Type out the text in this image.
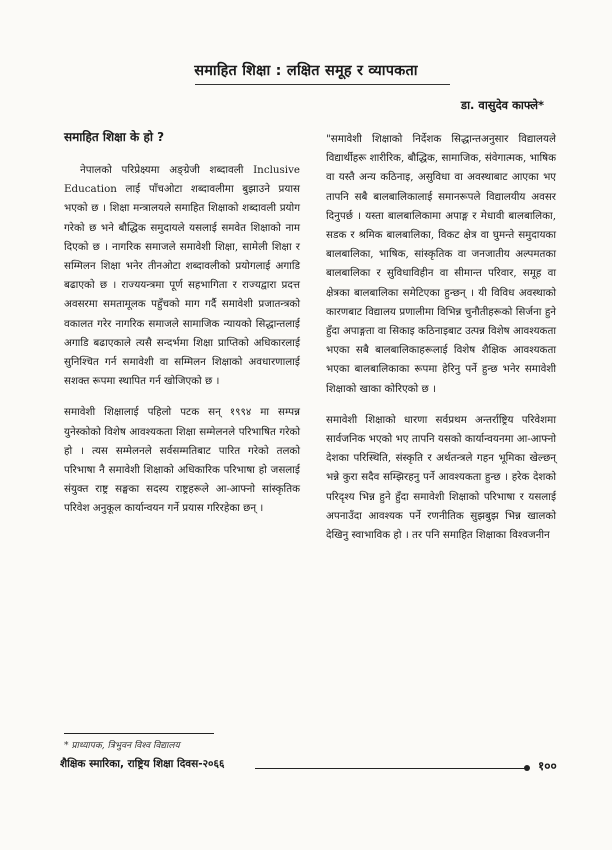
समाहित शिक्षा : लक्षित समूह र व्यापकता
डा. वासुदेव काफ्ले*
समाहित शिक्षा के हो ?

नेपालको परिप्रेक्ष्यमा अङ्ग्रेजी शब्दावली Inclusive Education लाई पाँचओटा शब्दावलीमा बुझाउने प्रयास भएको छ । शिक्षा मन्त्रालयले समाहित शिक्षाको शब्दावली प्रयोग गरेको छ भने बौद्धिक समुदायले यसलाई समवेत शिक्षाको नाम दिएको छ । नागरिक समाजले समावेशी शिक्षा, सामेली शिक्षा र सम्मिलन शिक्षा भनेर तीनओटा शब्दावलीको प्रयोगलाई अगाडि बढाएको छ । राज्ययन्त्रमा पूर्ण सहभागिता र राज्यद्वारा प्रदत्त अवसरमा समतामूलक पहुँचको माग गर्दै समावेशी प्रजातन्त्रको वकालत गरेर नागरिक समाजले सामाजिक न्यायको सिद्धान्तलाई अगाडि बढाएकाले त्यसै सन्दर्भमा शिक्षा प्राप्तिको अधिकारलाई सुनिश्चित गर्न समावेशी वा सम्मिलन शिक्षाको अवधारणालाई सशक्त रूपमा स्थापित गर्न खोजिएको छ ।

समावेशी शिक्षालाई पहिलो पटक सन् १९९४ मा सम्पन्न युनेस्कोको विशेष आवश्यकता शिक्षा सम्मेलनले परिभाषित गरेको हो । त्यस सम्मेलनले सर्वसम्मतिबाट पारित गरेको तलको परिभाषा नै समावेशी शिक्षाको अधिकारिक परिभाषा हो जसलाई संयुक्त राष्ट्र सङ्घका सदस्य राष्ट्रहरूले आ-आफ्नो सांस्कृतिक परिवेश अनुकूल कार्यान्वयन गर्ने प्रयास गरिरहेका छन् ।

"समावेशी शिक्षाको निर्देशक सिद्धान्तअनुसार विद्यालयले विद्यार्थीहरू शारीरिक, बौद्धिक, सामाजिक, संवेगात्मक, भाषिक वा यस्तै अन्य कठिनाइ, असुविधा वा अवस्थाबाट आएका भए तापनि सबै बालबालिकालाई समानरूपले विद्यालयीय अवसर दिनुपर्छ । यस्ता बालबालिकामा अपाङ्ग र मेधावी बालबालिका, सडक र श्रमिक बालबालिका, विकट क्षेत्र वा घुमन्ते समुदायका बालबालिका, भाषिक, सांस्कृतिक वा जनजातीय अल्पमतका बालबालिका र सुविधाविहीन वा सीमान्त परिवार, समूह वा क्षेत्रका बालबालिका समेटिएका हुन्छन् । यी विविध अवस्थाको कारणबाट विद्यालय प्रणालीमा विभिन्न चुनौतीहरूको सिर्जना हुने हुँदा अपाङ्गता वा सिकाइ कठिनाइबाट उत्पन्न विशेष आवश्यकता भएका सबै बालबालिकाहरूलाई विशेष शैक्षिक आवश्यकता भएका बालबालिकाका रूपमा हेरिनु पर्ने हुन्छ भनेर समावेशी शिक्षाको खाका कोरिएको छ ।

समावेशी शिक्षाको धारणा सर्वप्रथम अन्तर्राष्ट्रिय परिवेशमा सार्वजनिक भएको भए तापनि यसको कार्यान्वयनमा आ-आफ्नो देशका परिस्थिति, संस्कृति र अर्थतन्त्रले गहन भूमिका खेल्छन् भन्ने कुरा सदैव सम्झिरहनु पर्ने आवश्यकता हुन्छ । हरेक देशको परिदृश्य भिन्न हुने हुँदा समावेशी शिक्षाको परिभाषा र यसलाई अपनाउँदा आवश्यक पर्ने रणनीतिक सुझबुझ भिन्न खालको देखिनु स्वाभाविक हो । तर पनि समाहित शिक्षाका विश्वजनीन

* प्राध्यापक, त्रिभुवन विश्व विद्यालय
शैक्षिक स्मारिका, राष्ट्रिय शिक्षा दिवस-२०६६	१००
